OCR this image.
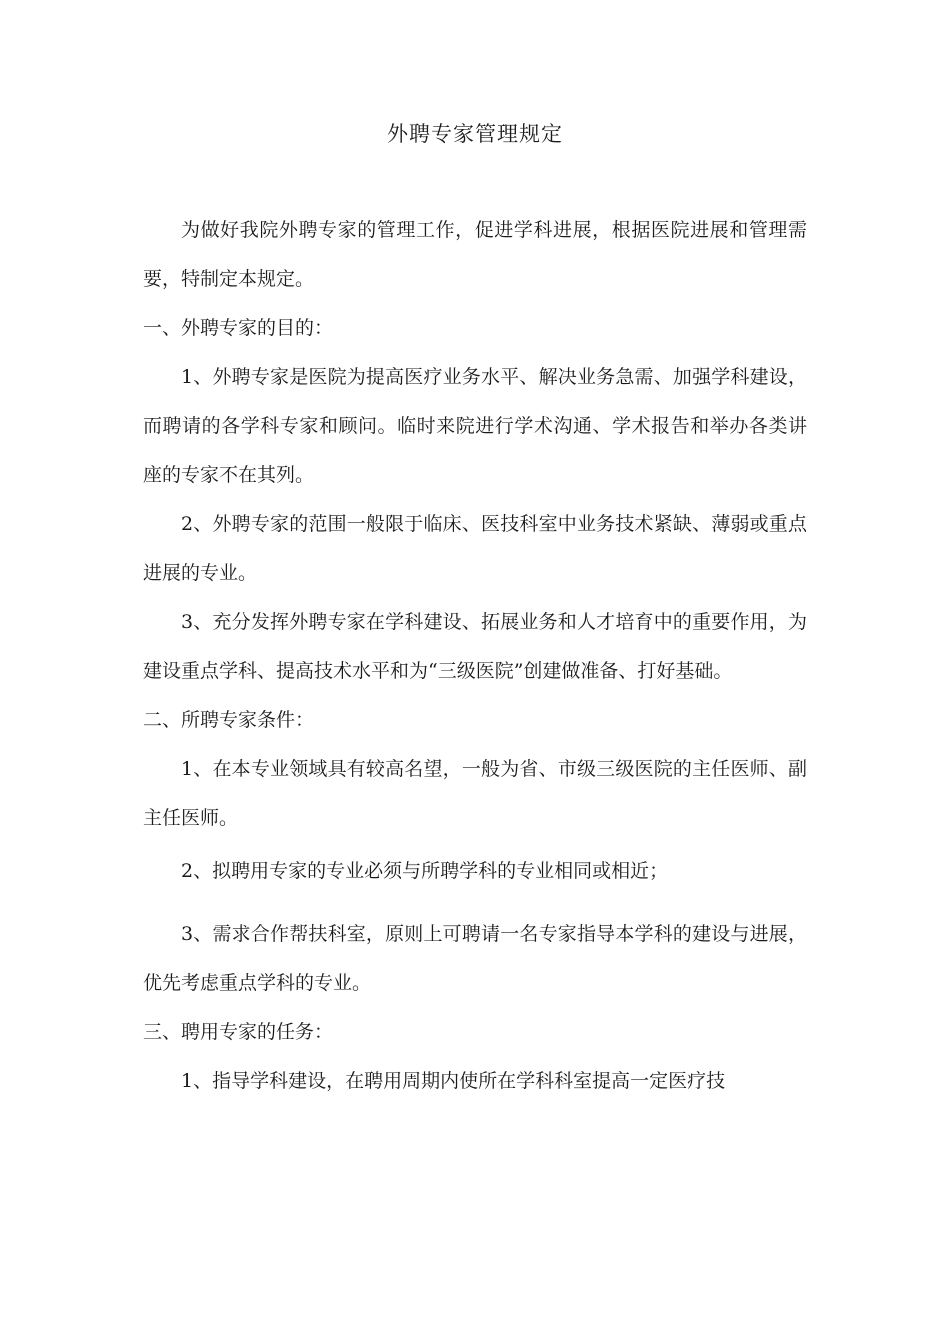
外聘专家管理规定

为做好我院外聘专家的管理工作，促进学科进展，根据医院进展和管理需要，特制定本规定。

一、外聘专家的目的：

1、外聘专家是医院为提高医疗业务水平、解决业务急需、加强学科建设，而聘请的各学科专家和顾问。临时来院进行学术沟通、学术报告和举办各类讲座的专家不在其列。

2、外聘专家的范围一般限于临床、医技科室中业务技术紧缺、薄弱或重点进展的专业。

3、充分发挥外聘专家在学科建设、拓展业务和人才培育中的重要作用，为建设重点学科、提高技术水平和为“三级医院”创建做准备、打好基础。

二、所聘专家条件：

1、在本专业领域具有较高名望，一般为省、市级三级医院的主任医师、副主任医师。

2、拟聘用专家的专业必须与所聘学科的专业相同或相近；

3、需求合作帮扶科室，原则上可聘请一名专家指导本学科的建设与进展，优先考虑重点学科的专业。

三、聘用专家的任务：

1、指导学科建设，在聘用周期内使所在学科科室提高一定医疗技
